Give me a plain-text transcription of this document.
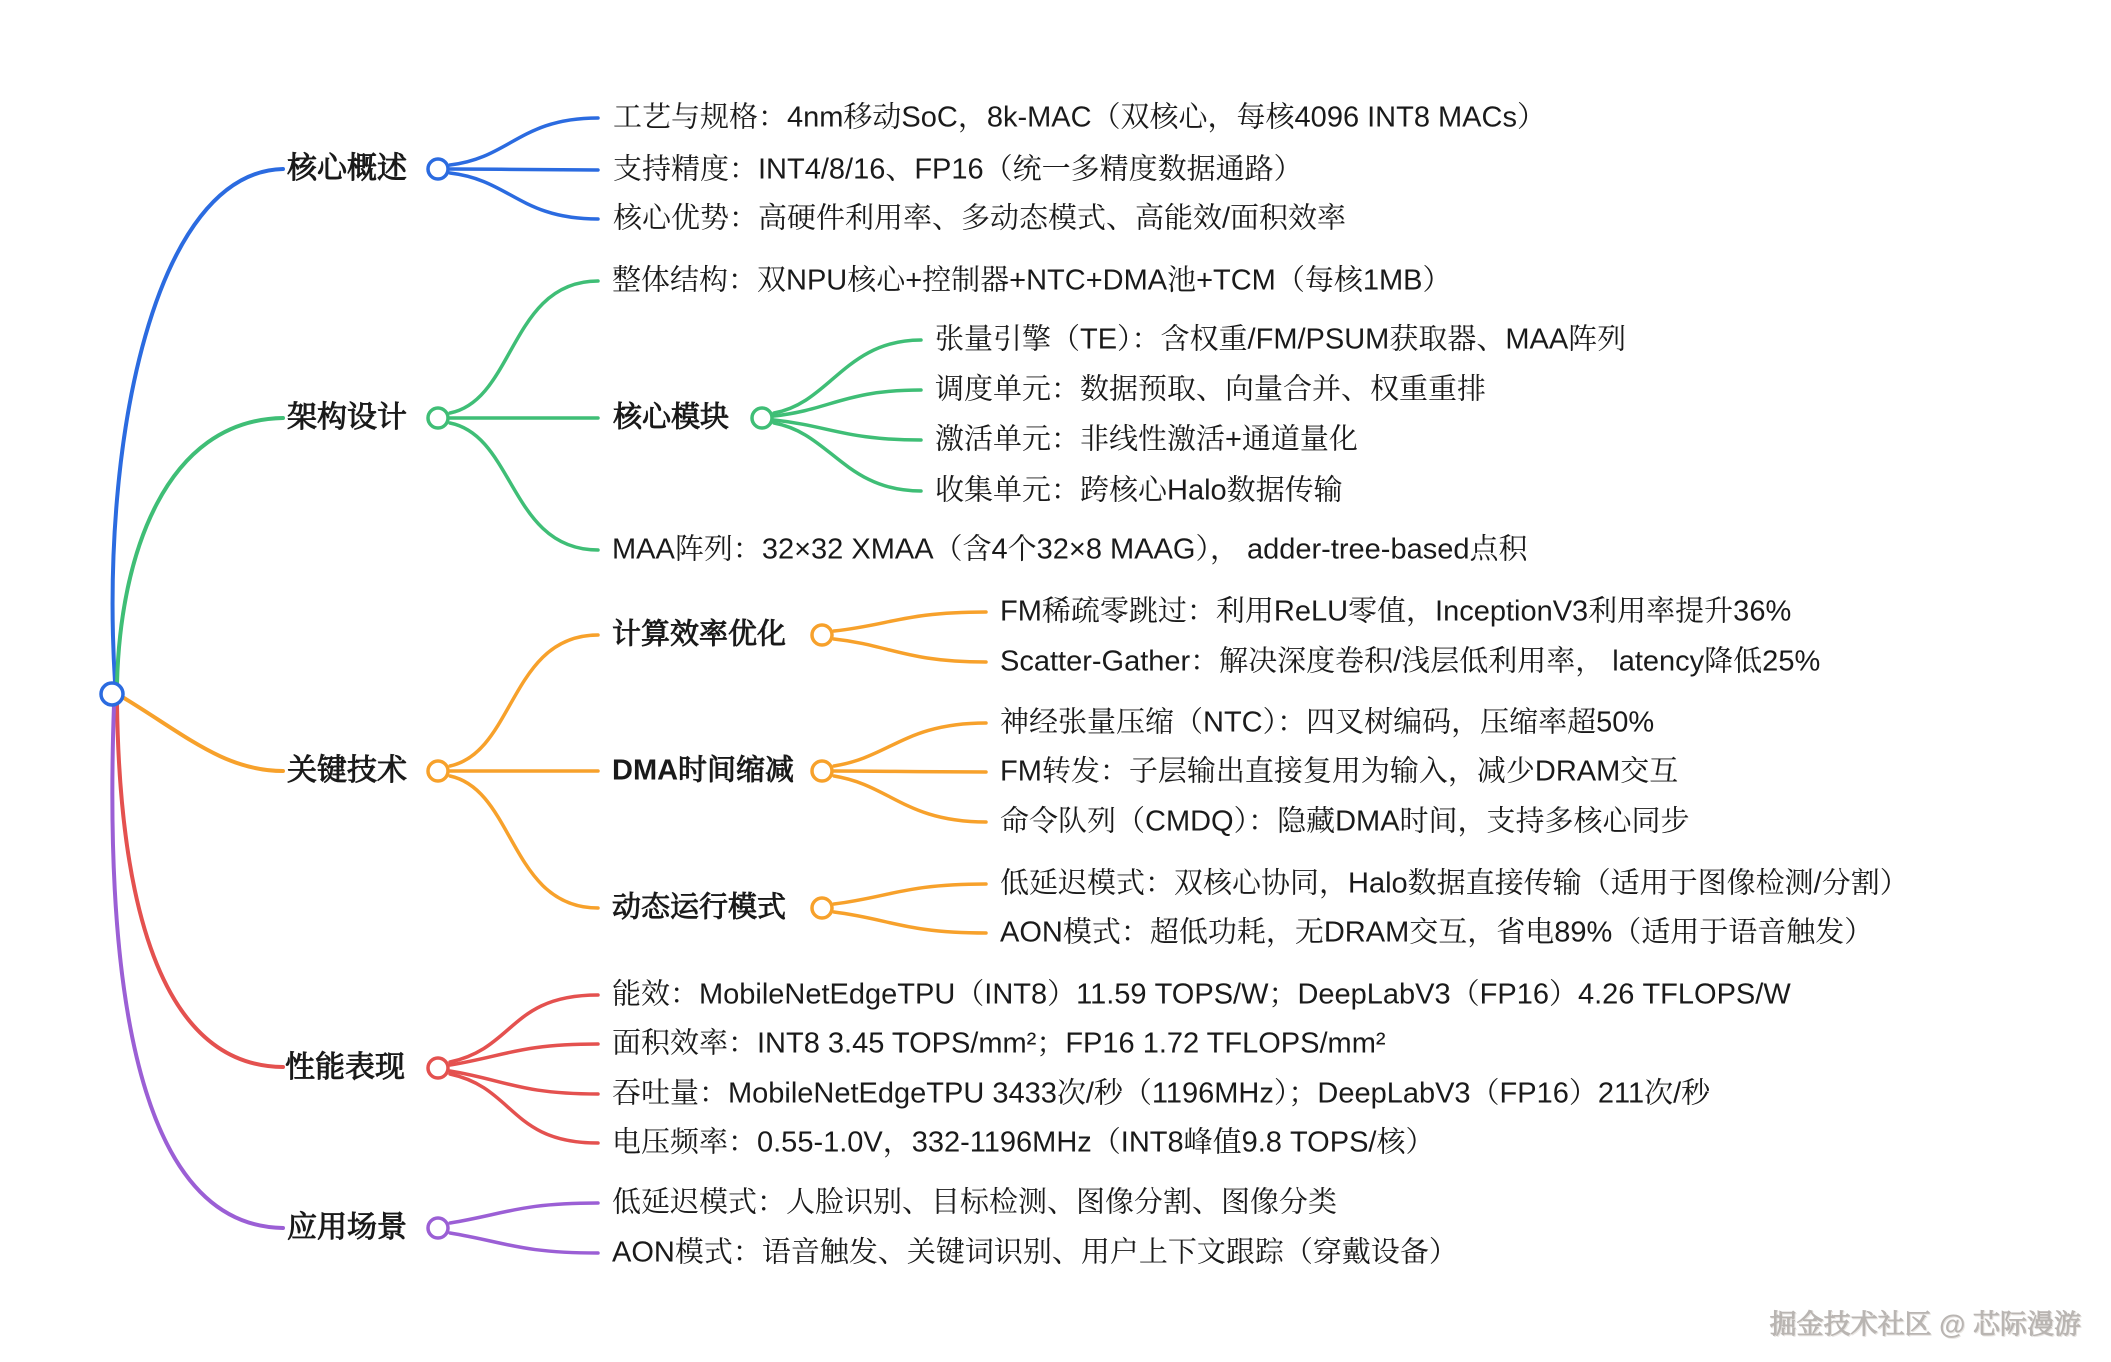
核心概述
架构设计
关键技术
性能表现
应用场景
工艺与规格：4nm移动SoC，8k-MAC（双核心，每核4096 INT8 MACs）
支持精度：INT4/8/16、FP16（统一多精度数据通路）
核心优势：高硬件利用率、多动态模式、高能效/面积效率
整体结构：双NPU核心+控制器+NTC+DMA池+TCM（每核1MB）
核心模块
张量引擎（TE）：含权重/FM/PSUM获取器、MAA阵列
调度单元：数据预取、向量合并、权重重排
激活单元：非线性激活+通道量化
收集单元：跨核心Halo数据传输
MAA阵列：32×32 XMAA（含4个32×8 MAAG）， adder-tree-based点积
计算效率优化
FM稀疏零跳过：利用ReLU零值，InceptionV3利用率提升36%
Scatter-Gather：解决深度卷积/浅层低利用率， latency降低25%
DMA时间缩减
神经张量压缩（NTC）：四叉树编码，压缩率超50%
FM转发：子层输出直接复用为输入，减少DRAM交互
命令队列（CMDQ）：隐藏DMA时间，支持多核心同步
动态运行模式
低延迟模式：双核心协同，Halo数据直接传输（适用于图像检测/分割）
AON模式：超低功耗，无DRAM交互，省电89%（适用于语音触发）
能效：MobileNetEdgeTPU（INT8）11.59 TOPS/W；DeepLabV3（FP16）4.26 TFLOPS/W
面积效率：INT8 3.45 TOPS/mm²；FP16 1.72 TFLOPS/mm²
吞吐量：MobileNetEdgeTPU 3433次/秒（1196MHz）；DeepLabV3（FP16）211次/秒
电压频率：0.55-1.0V，332-1196MHz（INT8峰值9.8 TOPS/核）
低延迟模式：人脸识别、目标检测、图像分割、图像分类
AON模式：语音触发、关键词识别、用户上下文跟踪（穿戴设备）
掘金技术社区 @ 芯际漫游
